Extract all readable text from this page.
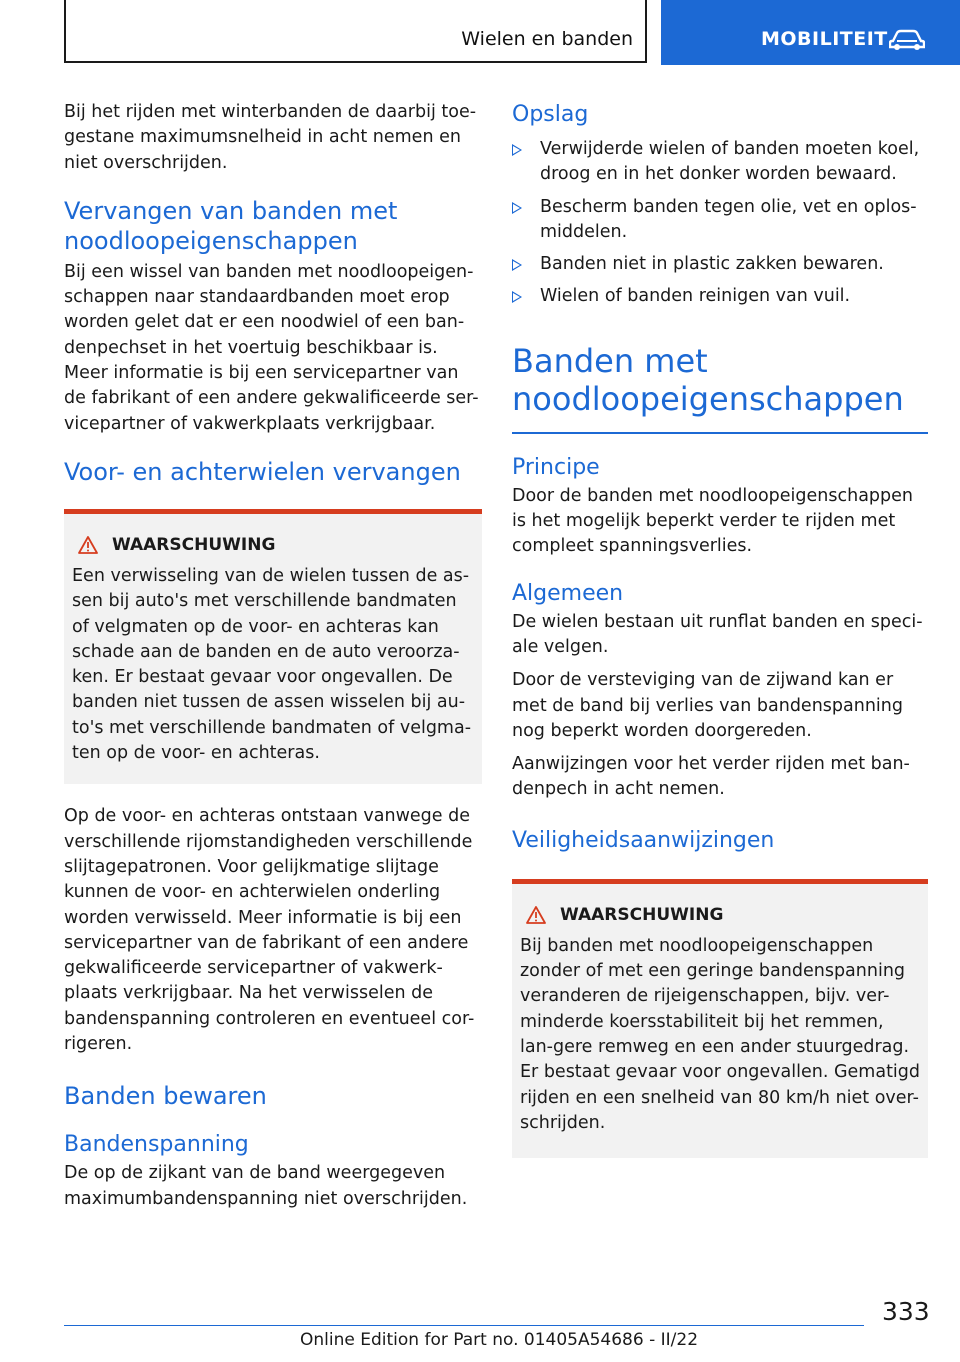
Wielen en banden	MOBILITEIT

Bij het rijden met winterbanden de daarbij toe-gestane maximumsnelheid in acht nemen en niet overschrijden.

Vervangen van banden met noodloopeigenschappen

Bij een wissel van banden met noodloopeigen-schappen naar standaardbanden moet erop worden gelet dat er een noodwiel of een ban-denpechset in het voertuig beschikbaar is. Meer informatie is bij een servicepartner van de fabrikant of een andere gekwalificeerde ser-vicepartner of vakwerkplaats verkrijgbaar.

Voor- en achterwielen vervangen
WAARSCHUWING

Een verwisseling van de wielen tussen de as-sen bij auto's met verschillende bandmaten of velgmaten op de voor- en achteras kan schade aan de banden en de auto veroorza-ken. Er bestaat gevaar voor ongevallen. De banden niet tussen de assen wisselen bij au-to's met verschillende bandmaten of velgma-ten op de voor- en achteras.

Op de voor- en achteras ontstaan vanwege de verschillende rijomstandigheden verschillende slijtagepatronen. Voor gelijkmatige slijtage kunnen de voor- en achterwielen onderling worden verwisseld. Meer informatie is bij een servicepartner van de fabrikant of een andere gekwalificeerde servicepartner of vakwerk-plaats verkrijgbaar. Na het verwisselen de bandenspanning controleren en eventueel cor-rigeren.

Banden bewaren
Bandenspanning

De op de zijkant van de band weergegeven maximumbandenspanning niet overschrijden.

Opslag
Verwijderde wielen of banden moeten koel, droog en in het donker worden bewaard.
Bescherm banden tegen olie, vet en oplos-middelen.
Banden niet in plastic zakken bewaren.
Wielen of banden reinigen van vuil.
Banden met noodloopeigenschappen
Principe

Door de banden met noodloopeigenschappen is het mogelijk beperkt verder te rijden met compleet spanningsverlies.

Algemeen

De wielen bestaan uit runflat banden en speci-ale velgen.

Door de versteviging van de zijwand kan er met de band bij verlies van bandenspanning nog beperkt worden doorgereden.

Aanwijzingen voor het verder rijden met ban-denpech in acht nemen.

Veiligheidsaanwijzingen
WAARSCHUWING

Bij banden met noodloopeigenschappen zonder of met een geringe bandenspanning veranderen de rijeigenschappen, bijv. ver-minderde koersstabiliteit bij het remmen, lan-gere remweg en een ander stuurgedrag. Er bestaat gevaar voor ongevallen. Gematigd rijden en een snelheid van 80 km/h niet over-schrijden.

333
Online Edition for Part no. 01405A54686 - II/22
